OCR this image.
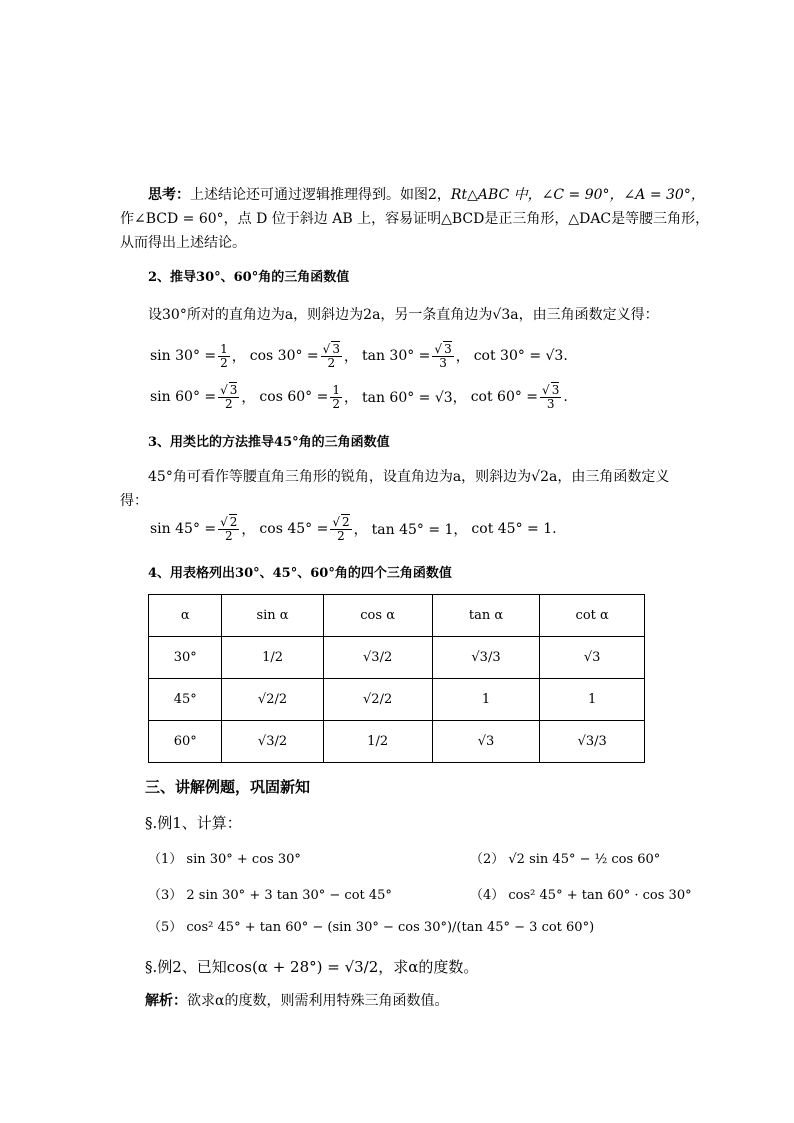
思考：上述结论还可通过逻辑推理得到。如图2，Rt△ABC 中，∠C = 90°，∠A = 30°，
作∠BCD = 60°，点 D 位于斜边 AB 上，容易证明△BCD是正三角形，△DAC是等腰三角形，
从而得出上述结论。
2、推导30°、60°角的三角函数值
设30°所对的直角边为a，则斜边为2a，另一条直角边为√3a，由三角函数定义得：
$\sin 30^\circ = \frac{1}{2}$ ， $\cos 30^\circ = \frac{√ 3}{2}$ ， $\tan 30^\circ = \frac{√ 3}{3}$ ， cot 30° = √3.
$\sin 60^\circ = \frac{√ 3}{2}$ ， $\cos 60^\circ = \frac{1}{2}$ ， tan 60° = √3， $\cot 60^\circ = \frac{√ 3}{3}$ .
3、用类比的方法推导45°角的三角函数值
45°角可看作等腰直角三角形的锐角，设直角边为a，则斜边为√2a，由三角函数定义
得：
$\sin 45^\circ = \frac{√ 2}{2}$ ， $\cos 45^\circ = \frac{√ 2}{2}$ ， tan 45° = 1， cot 45° = 1.
4、用表格列出30°、45°、60°角的四个三角函数值
α	sin α	cos α	tan α	cot α
30°	1/2	√3/2	√3/3	√3
45°	√2/2	√2/2	1	1
60°	√3/2	1/2	√3	√3/3
三、讲解例题，巩固新知
§.例1、计算：
（1） sin 30° + cos 30°	（2） √2 sin 45° − ½ cos 60°
（3） 2 sin 30° + 3 tan 30° − cot 45°	（4） cos² 45° + tan 60° · cos 30°
（5） cos² 45° + tan 60° − (sin 30° − cos 30°)/(tan 45° − 3 cot 60°)
§.例2、已知cos(α + 28°) = √3/2，求α的度数。
解析：欲求α的度数，则需利用特殊三角函数值。
